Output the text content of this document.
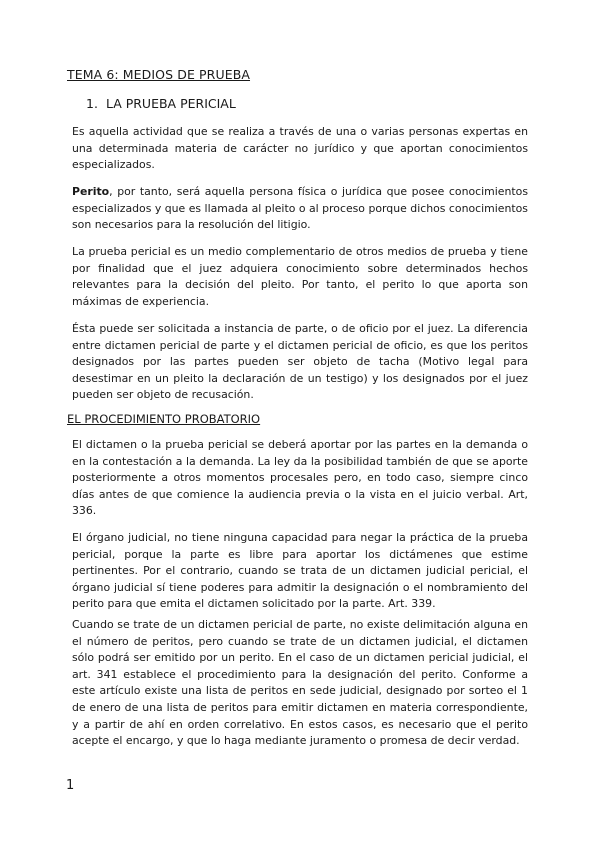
TEMA 6: MEDIOS DE PRUEBA
1. LA PRUEBA PERICIAL

Es aquella actividad que se realiza a través de una o varias personas expertas en una determinada materia de carácter no jurídico y que aportan conocimientos especializados.

Perito, por tanto, será aquella persona física o jurídica que posee conocimientos especializados y que es llamada al pleito o al proceso porque dichos conocimientos son necesarios para la resolución del litigio.

La prueba pericial es un medio complementario de otros medios de prueba y tiene por finalidad que el juez adquiera conocimiento sobre determinados hechos relevantes para la decisión del pleito. Por tanto, el perito lo que aporta son máximas de experiencia.

Ésta puede ser solicitada a instancia de parte, o de oficio por el juez. La diferencia entre dictamen pericial de parte y el dictamen pericial de oficio, es que los peritos designados por las partes pueden ser objeto de tacha (Motivo legal para desestimar en un pleito la declaración de un testigo) y los designados por el juez pueden ser objeto de recusación.

EL PROCEDIMIENTO PROBATORIO

El dictamen o la prueba pericial se deberá aportar por las partes en la demanda o en la contestación a la demanda. La ley da la posibilidad también de que se aporte posteriormente a otros momentos procesales pero, en todo caso, siempre cinco días antes de que comience la audiencia previa o la vista en el juicio verbal. Art, 336.

El órgano judicial, no tiene ninguna capacidad para negar la práctica de la prueba pericial, porque la parte es libre para aportar los dictámenes que estime pertinentes. Por el contrario, cuando se trata de un dictamen judicial pericial, el órgano judicial sí tiene poderes para admitir la designación o el nombramiento del perito para que emita el dictamen solicitado por la parte. Art. 339.

Cuando se trate de un dictamen pericial de parte, no existe delimitación alguna en el número de peritos, pero cuando se trate de un dictamen judicial, el dictamen sólo podrá ser emitido por un perito. En el caso de un dictamen pericial judicial, el art. 341 establece el procedimiento para la designación del perito. Conforme a este artículo existe una lista de peritos en sede judicial, designado por sorteo el 1 de enero de una lista de peritos para emitir dictamen en materia correspondiente, y a partir de ahí en orden correlativo. En estos casos, es necesario que el perito acepte el encargo, y que lo haga mediante juramento o promesa de decir verdad.

1
